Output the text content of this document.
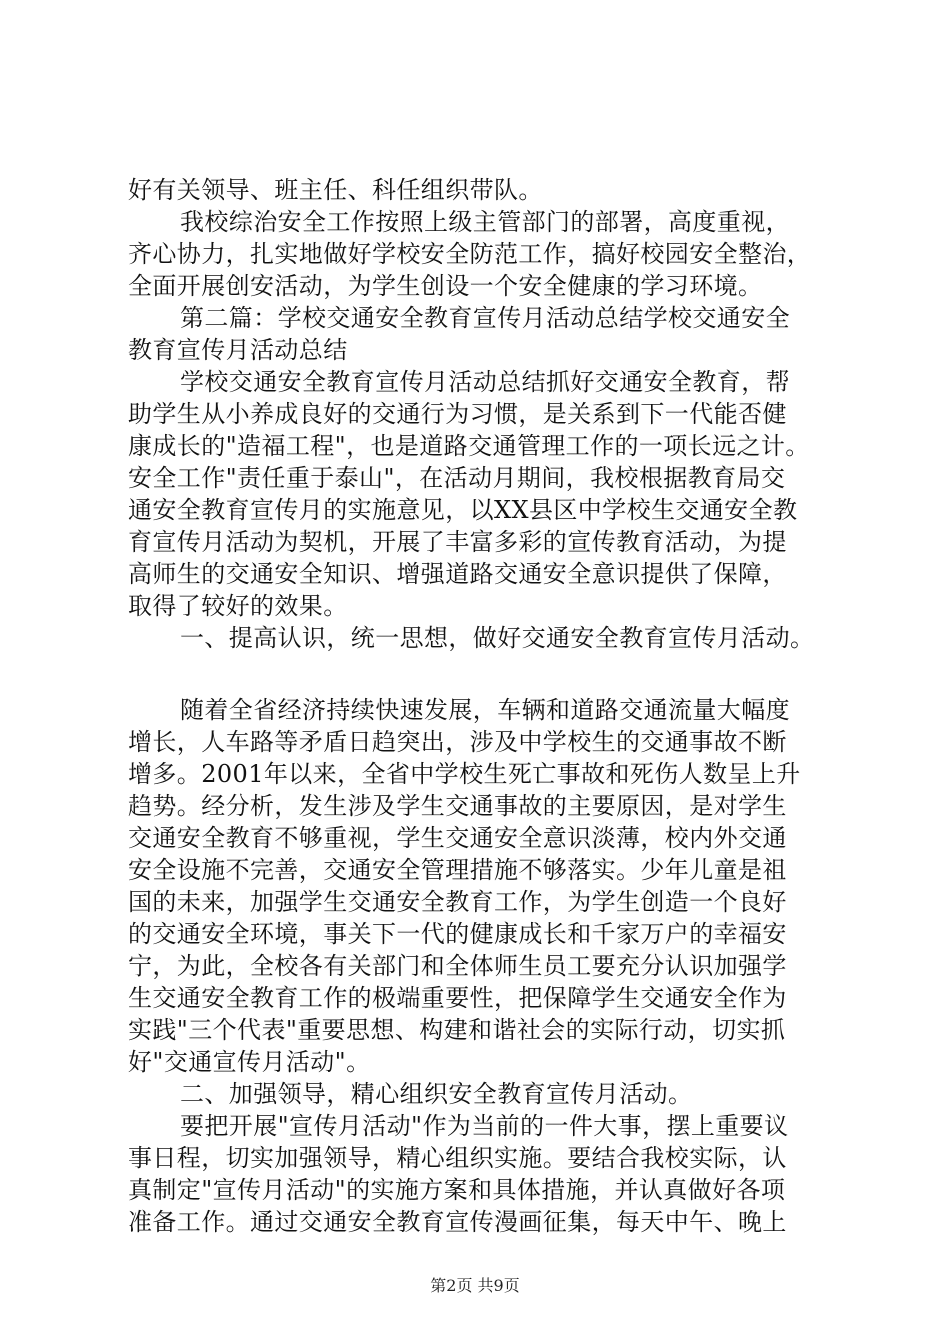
好有关领导、班主任、科任组织带队。
我校综治安全工作按照上级主管部门的部署，高度重视，
齐心协力，扎实地做好学校安全防范工作，搞好校园安全整治，
全面开展创安活动，为学生创设一个安全健康的学习环境。
第二篇：学校交通安全教育宣传月活动总结学校交通安全
教育宣传月活动总结
学校交通安全教育宣传月活动总结抓好交通安全教育，帮
助学生从小养成良好的交通行为习惯，是关系到下一代能否健
康成长的"造福工程"，也是道路交通管理工作的一项长远之计。
安全工作"责任重于泰山"，在活动月期间，我校根据教育局交
通安全教育宣传月的实施意见，以XX县区中学校生交通安全教
育宣传月活动为契机，开展了丰富多彩的宣传教育活动，为提
高师生的交通安全知识、增强道路交通安全意识提供了保障，
取得了较好的效果。
一、提高认识，统一思想，做好交通安全教育宣传月活动。
随着全省经济持续快速发展，车辆和道路交通流量大幅度
增长，人车路等矛盾日趋突出，涉及中学校生的交通事故不断
增多。2001年以来，全省中学校生死亡事故和死伤人数呈上升
趋势。经分析，发生涉及学生交通事故的主要原因，是对学生
交通安全教育不够重视，学生交通安全意识淡薄，校内外交通
安全设施不完善，交通安全管理措施不够落实。少年儿童是祖
国的未来，加强学生交通安全教育工作，为学生创造一个良好
的交通安全环境，事关下一代的健康成长和千家万户的幸福安
宁，为此，全校各有关部门和全体师生员工要充分认识加强学
生交通安全教育工作的极端重要性，把保障学生交通安全作为
实践"三个代表"重要思想、构建和谐社会的实际行动，切实抓
好"交通宣传月活动"。
二、加强领导，精心组织安全教育宣传月活动。
要把开展"宣传月活动"作为当前的一件大事，摆上重要议
事日程，切实加强领导，精心组织实施。要结合我校实际，认
真制定"宣传月活动"的实施方案和具体措施，并认真做好各项
准备工作。通过交通安全教育宣传漫画征集，每天中午、晚上
第2页 共9页
